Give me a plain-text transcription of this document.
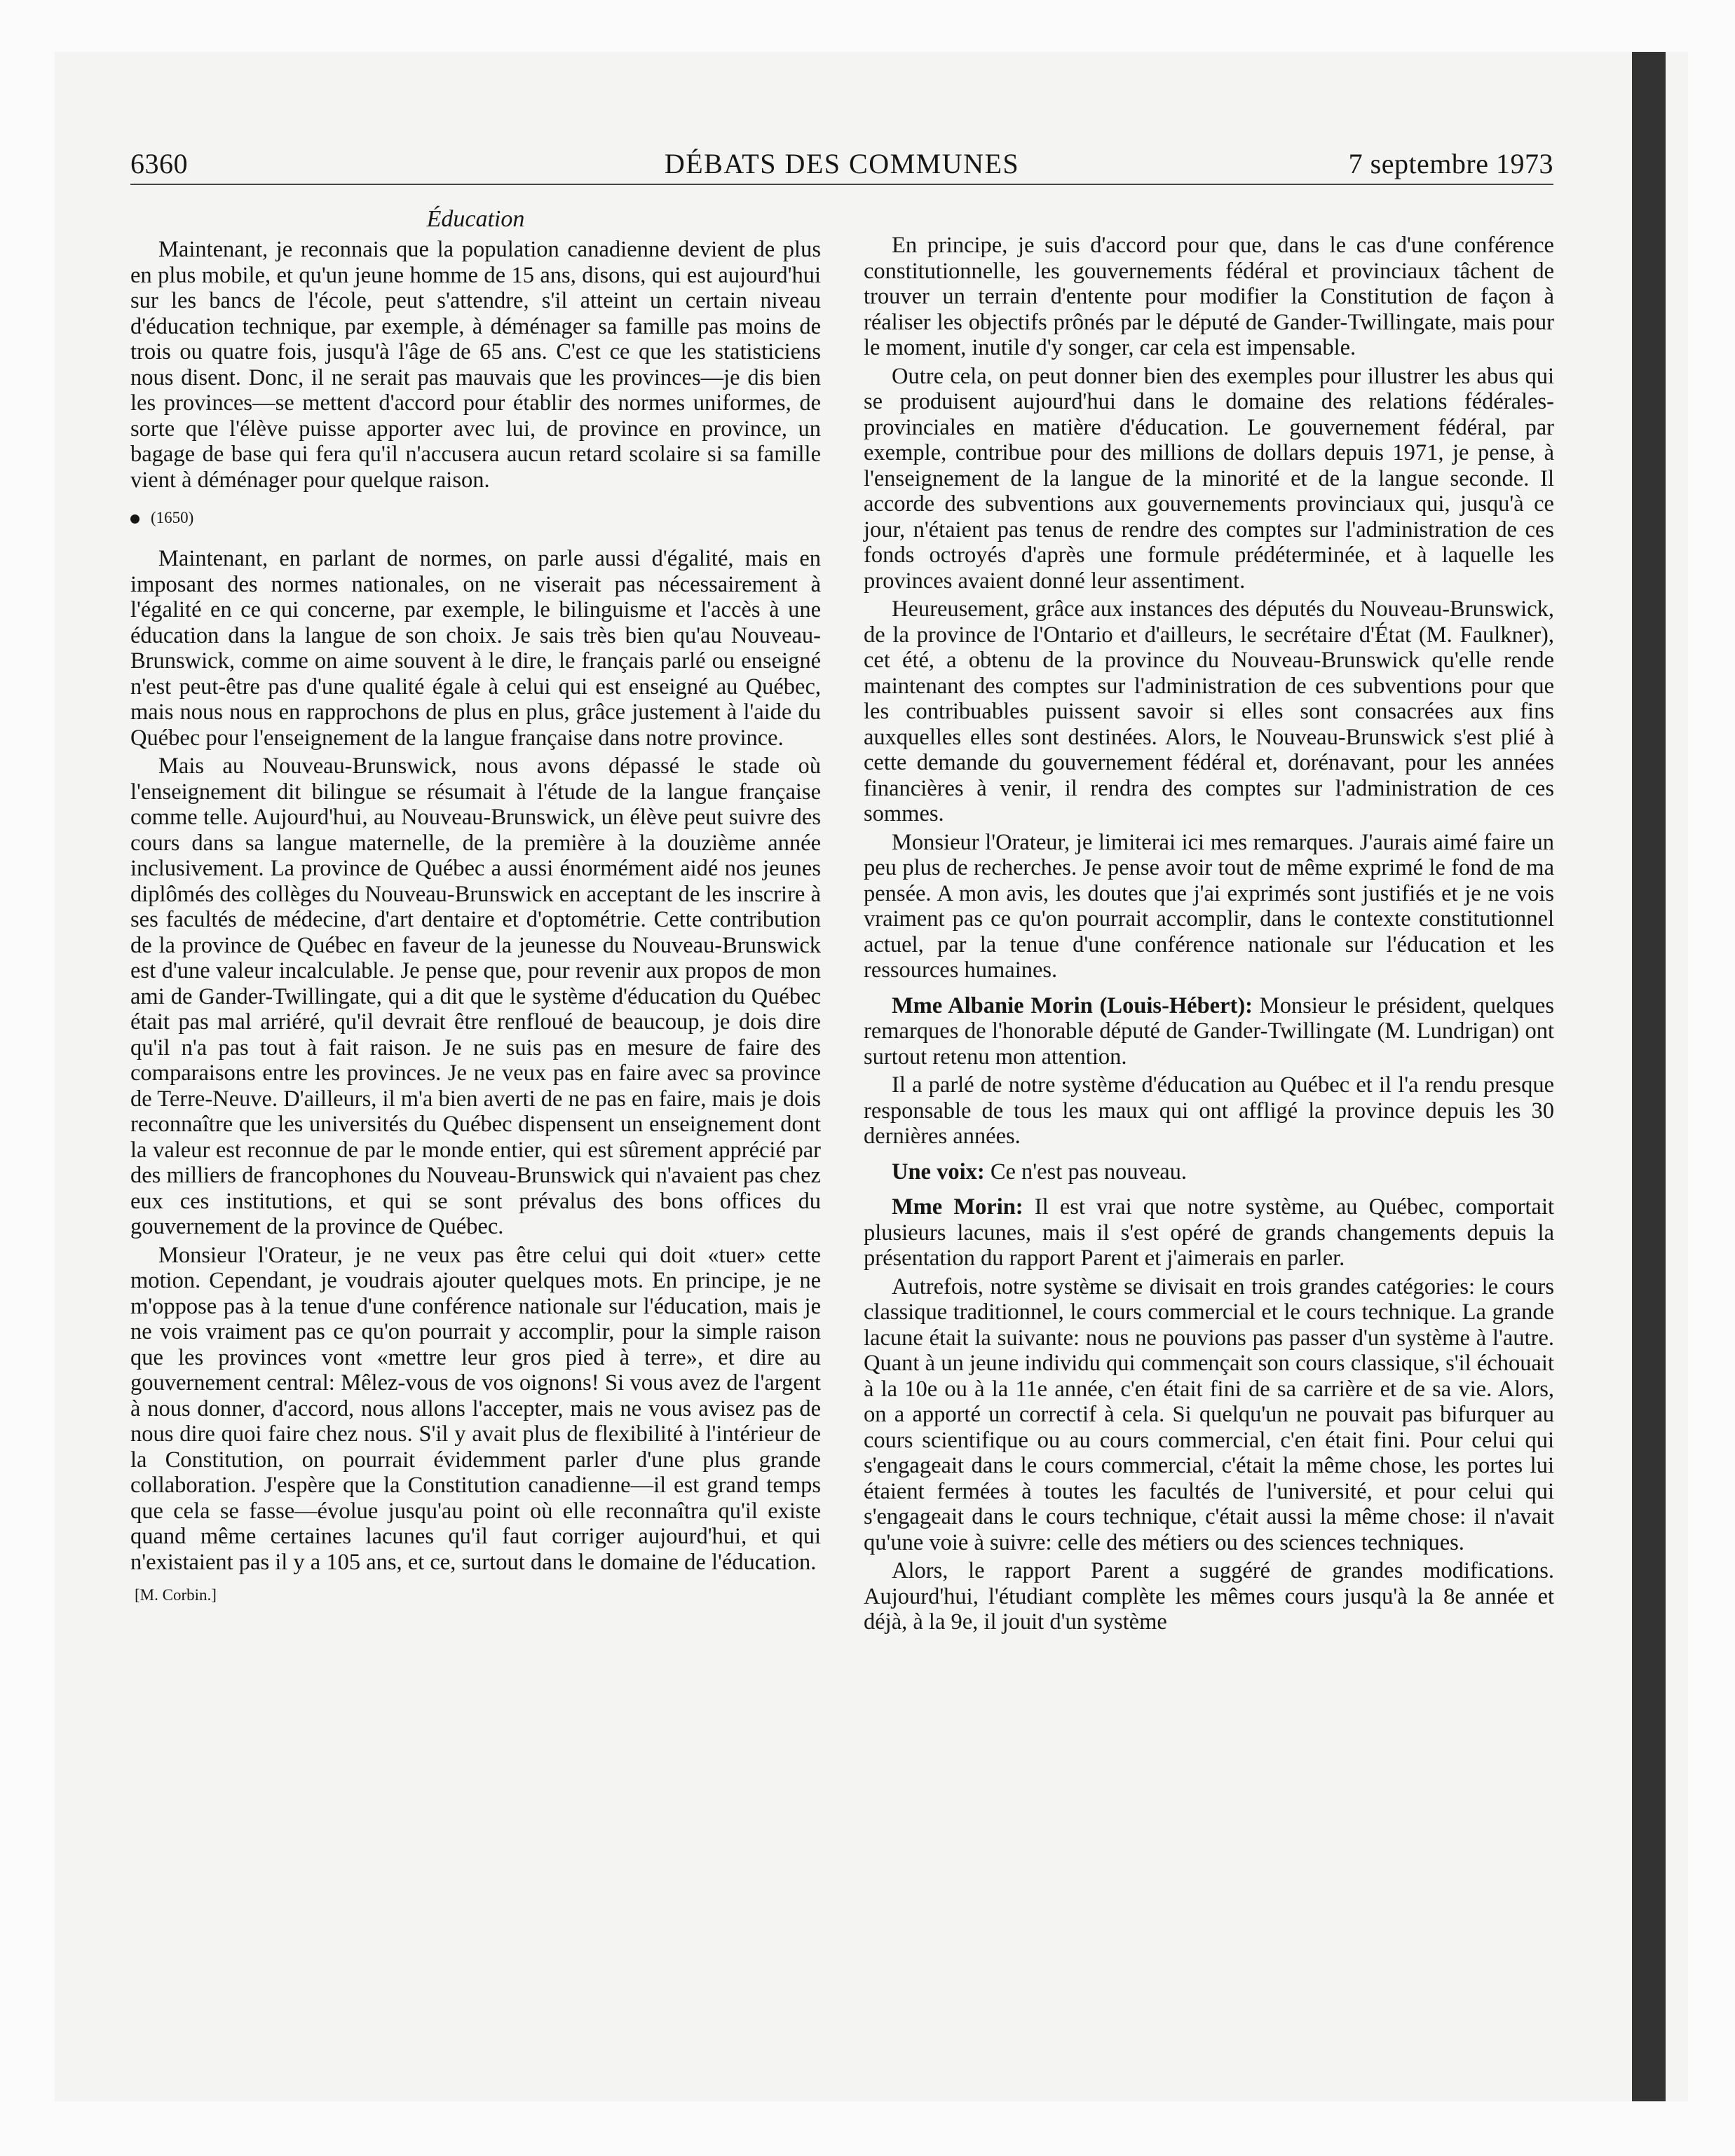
6360	DÉBATS DES COMMUNES	7 septembre 1973
Éducation

Maintenant, je reconnais que la population canadienne devient de plus en plus mobile, et qu'un jeune homme de 15 ans, disons, qui est aujourd'hui sur les bancs de l'école, peut s'attendre, s'il atteint un certain niveau d'éducation technique, par exemple, à déménager sa famille pas moins de trois ou quatre fois, jusqu'à l'âge de 65 ans. C'est ce que les statisticiens nous disent. Donc, il ne serait pas mauvais que les provinces—je dis bien les provinces—se mettent d'accord pour établir des normes uniformes, de sorte que l'élève puisse apporter avec lui, de province en province, un bagage de base qui fera qu'il n'accusera aucun retard scolaire si sa famille vient à déménager pour quelque raison.

(1650)

Maintenant, en parlant de normes, on parle aussi d'égalité, mais en imposant des normes nationales, on ne viserait pas nécessairement à l'égalité en ce qui concerne, par exemple, le bilinguisme et l'accès à une éducation dans la langue de son choix. Je sais très bien qu'au Nouveau-Brunswick, comme on aime souvent à le dire, le français parlé ou enseigné n'est peut-être pas d'une qualité égale à celui qui est enseigné au Québec, mais nous nous en rapprochons de plus en plus, grâce justement à l'aide du Québec pour l'enseignement de la langue française dans notre province.

Mais au Nouveau-Brunswick, nous avons dépassé le stade où l'enseignement dit bilingue se résumait à l'étude de la langue française comme telle. Aujourd'hui, au Nouveau-Brunswick, un élève peut suivre des cours dans sa langue maternelle, de la première à la douzième année inclusivement. La province de Québec a aussi énormément aidé nos jeunes diplômés des collèges du Nouveau-Brunswick en acceptant de les inscrire à ses facultés de médecine, d'art dentaire et d'optométrie. Cette contribution de la province de Québec en faveur de la jeunesse du Nouveau-Brunswick est d'une valeur incalculable. Je pense que, pour revenir aux propos de mon ami de Gander-Twillingate, qui a dit que le système d'éducation du Québec était pas mal arriéré, qu'il devrait être renfloué de beaucoup, je dois dire qu'il n'a pas tout à fait raison. Je ne suis pas en mesure de faire des comparaisons entre les provinces. Je ne veux pas en faire avec sa province de Terre-Neuve. D'ailleurs, il m'a bien averti de ne pas en faire, mais je dois reconnaître que les universités du Québec dispensent un enseignement dont la valeur est reconnue de par le monde entier, qui est sûrement apprécié par des milliers de francophones du Nouveau-Brunswick qui n'avaient pas chez eux ces institutions, et qui se sont prévalus des bons offices du gouvernement de la province de Québec.

Monsieur l'Orateur, je ne veux pas être celui qui doit «tuer» cette motion. Cependant, je voudrais ajouter quelques mots. En principe, je ne m'oppose pas à la tenue d'une conférence nationale sur l'éducation, mais je ne vois vraiment pas ce qu'on pourrait y accomplir, pour la simple raison que les provinces vont «mettre leur gros pied à terre», et dire au gouvernement central: Mêlez-vous de vos oignons! Si vous avez de l'argent à nous donner, d'accord, nous allons l'accepter, mais ne vous avisez pas de nous dire quoi faire chez nous. S'il y avait plus de flexibilité à l'intérieur de la Constitution, on pourrait évidemment parler d'une plus grande collaboration. J'espère que la Constitution canadienne—il est grand temps que cela se fasse—évolue jusqu'au point où elle reconnaîtra qu'il existe quand même certaines lacunes qu'il faut corriger aujourd'hui, et qui n'existaient pas il y a 105 ans, et ce, surtout dans le domaine de l'éducation.

[M. Corbin.]

En principe, je suis d'accord pour que, dans le cas d'une conférence constitutionnelle, les gouvernements fédéral et provinciaux tâchent de trouver un terrain d'entente pour modifier la Constitution de façon à réaliser les objectifs prônés par le député de Gander-Twillingate, mais pour le moment, inutile d'y songer, car cela est impensable.

Outre cela, on peut donner bien des exemples pour illustrer les abus qui se produisent aujourd'hui dans le domaine des relations fédérales-provinciales en matière d'éducation. Le gouvernement fédéral, par exemple, contribue pour des millions de dollars depuis 1971, je pense, à l'enseignement de la langue de la minorité et de la langue seconde. Il accorde des subventions aux gouvernements provinciaux qui, jusqu'à ce jour, n'étaient pas tenus de rendre des comptes sur l'administration de ces fonds octroyés d'après une formule prédéterminée, et à laquelle les provinces avaient donné leur assentiment.

Heureusement, grâce aux instances des députés du Nouveau-Brunswick, de la province de l'Ontario et d'ailleurs, le secrétaire d'État (M. Faulkner), cet été, a obtenu de la province du Nouveau-Brunswick qu'elle rende maintenant des comptes sur l'administration de ces subventions pour que les contribuables puissent savoir si elles sont consacrées aux fins auxquelles elles sont destinées. Alors, le Nouveau-Brunswick s'est plié à cette demande du gouvernement fédéral et, dorénavant, pour les années financières à venir, il rendra des comptes sur l'administration de ces sommes.

Monsieur l'Orateur, je limiterai ici mes remarques. J'aurais aimé faire un peu plus de recherches. Je pense avoir tout de même exprimé le fond de ma pensée. A mon avis, les doutes que j'ai exprimés sont justifiés et je ne vois vraiment pas ce qu'on pourrait accomplir, dans le contexte constitutionnel actuel, par la tenue d'une conférence nationale sur l'éducation et les ressources humaines.

Mme Albanie Morin (Louis-Hébert): Monsieur le président, quelques remarques de l'honorable député de Gander-Twillingate (M. Lundrigan) ont surtout retenu mon attention.

Il a parlé de notre système d'éducation au Québec et il l'a rendu presque responsable de tous les maux qui ont affligé la province depuis les 30 dernières années.

Une voix: Ce n'est pas nouveau.

Mme Morin: Il est vrai que notre système, au Québec, comportait plusieurs lacunes, mais il s'est opéré de grands changements depuis la présentation du rapport Parent et j'aimerais en parler.

Autrefois, notre système se divisait en trois grandes catégories: le cours classique traditionnel, le cours commercial et le cours technique. La grande lacune était la suivante: nous ne pouvions pas passer d'un système à l'autre. Quant à un jeune individu qui commençait son cours classique, s'il échouait à la 10e ou à la 11e année, c'en était fini de sa carrière et de sa vie. Alors, on a apporté un correctif à cela. Si quelqu'un ne pouvait pas bifurquer au cours scientifique ou au cours commercial, c'en était fini. Pour celui qui s'engageait dans le cours commercial, c'était la même chose, les portes lui étaient fermées à toutes les facultés de l'université, et pour celui qui s'engageait dans le cours technique, c'était aussi la même chose: il n'avait qu'une voie à suivre: celle des métiers ou des sciences techniques.

Alors, le rapport Parent a suggéré de grandes modifications. Aujourd'hui, l'étudiant complète les mêmes cours jusqu'à la 8e année et déjà, à la 9e, il jouit d'un système
